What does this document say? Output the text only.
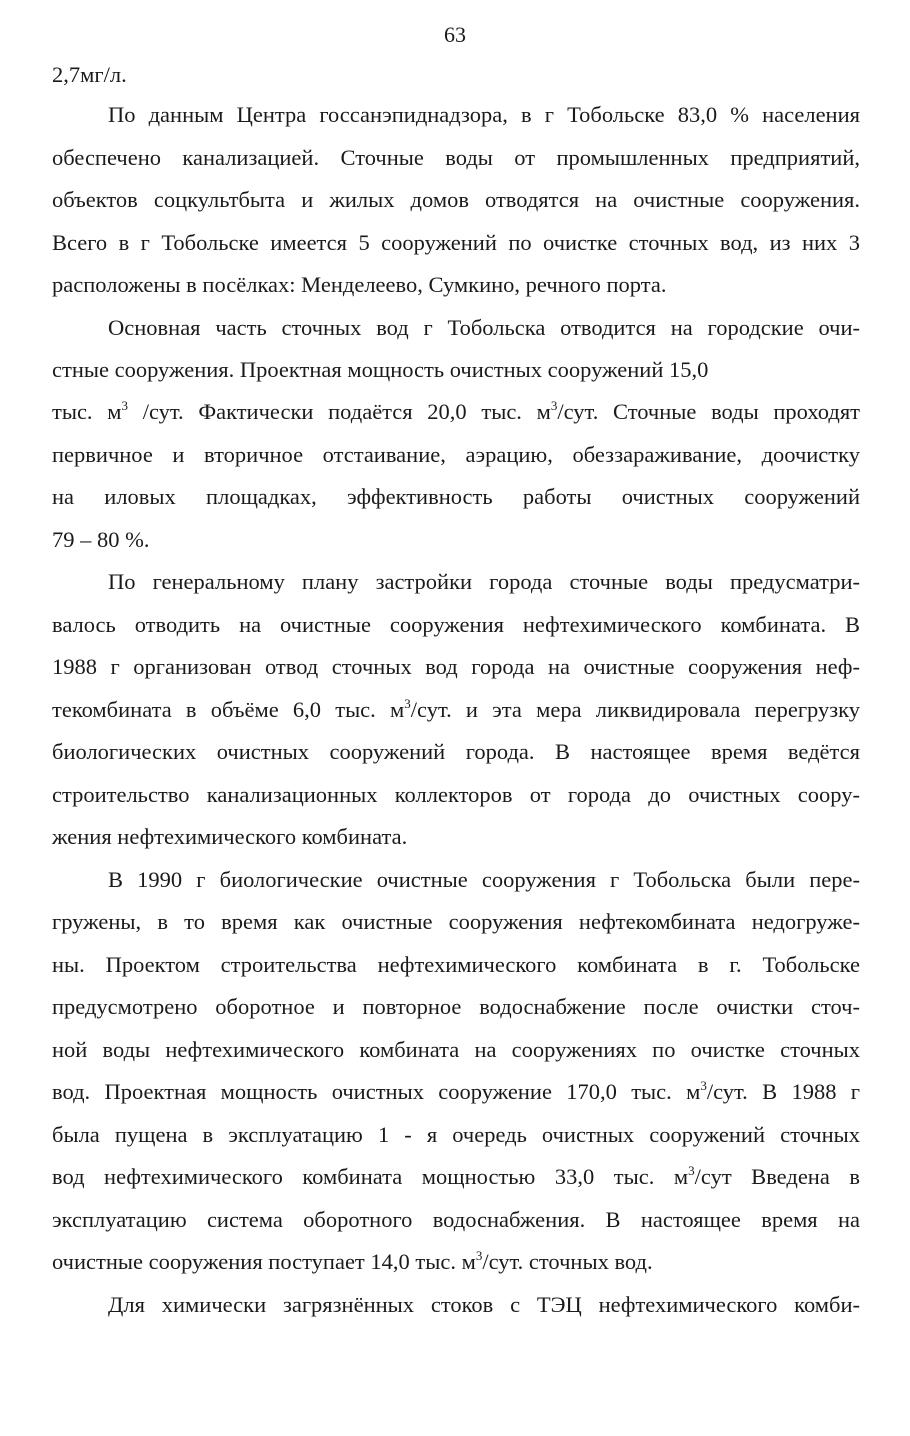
63
2,7мг/л.
По данным Центра госсанэпиднадзора, в г Тобольске 83,0 % населения
обеспечено канализацией. Сточные воды от промышленных предприятий,
объектов соцкультбыта и жилых домов отводятся на очистные сооружения.
Всего в г Тобольске имеется 5 сооружений по очистке сточных вод, из них 3
расположены в посёлках: Менделеево, Сумкино, речного порта.
Основная часть сточных вод г Тобольска отводится на городские очи-
стные сооружения. Проектная мощность очистных сооружений 15,0
тыс. $м^3$ /сут. Фактически подаётся 20,0 тыс. $м^3$/сут. Сточные воды проходят
первичное и вторичное отстаивание, аэрацию, обеззараживание, доочистку
на иловых площадках, эффективность работы очистных сооружений
79 – 80 %.
По генеральному плану застройки города сточные воды предусматри-
валось отводить на очистные сооружения нефтехимического комбината. В
1988 г организован отвод сточных вод города на очистные сооружения неф-
текомбината в объёме 6,0 тыс. $м^3$/сут. и эта мера ликвидировала перегрузку
биологических очистных сооружений города. В настоящее время ведётся
строительство канализационных коллекторов от города до очистных соору-
жения нефтехимического комбината.
В 1990 г биологические очистные сооружения г Тобольска были пере-
гружены, в то время как очистные сооружения нефтекомбината недогруже-
ны. Проектом строительства нефтехимического комбината в г. Тобольске
предусмотрено оборотное и повторное водоснабжение после очистки сточ-
ной воды нефтехимического комбината на сооружениях по очистке сточных
вод. Проектная мощность очистных сооружение 170,0 тыс. $м^3$/сут. В 1988 г
была пущена в эксплуатацию 1 - я очередь очистных сооружений сточных
вод нефтехимического комбината мощностью 33,0 тыс. $м^3$/сут Введена в
эксплуатацию система оборотного водоснабжения. В настоящее время на
очистные сооружения поступает 14,0 тыс. $м^3$/сут. сточных вод.
Для химически загрязнённых стоков с ТЭЦ нефтехимического комби-
